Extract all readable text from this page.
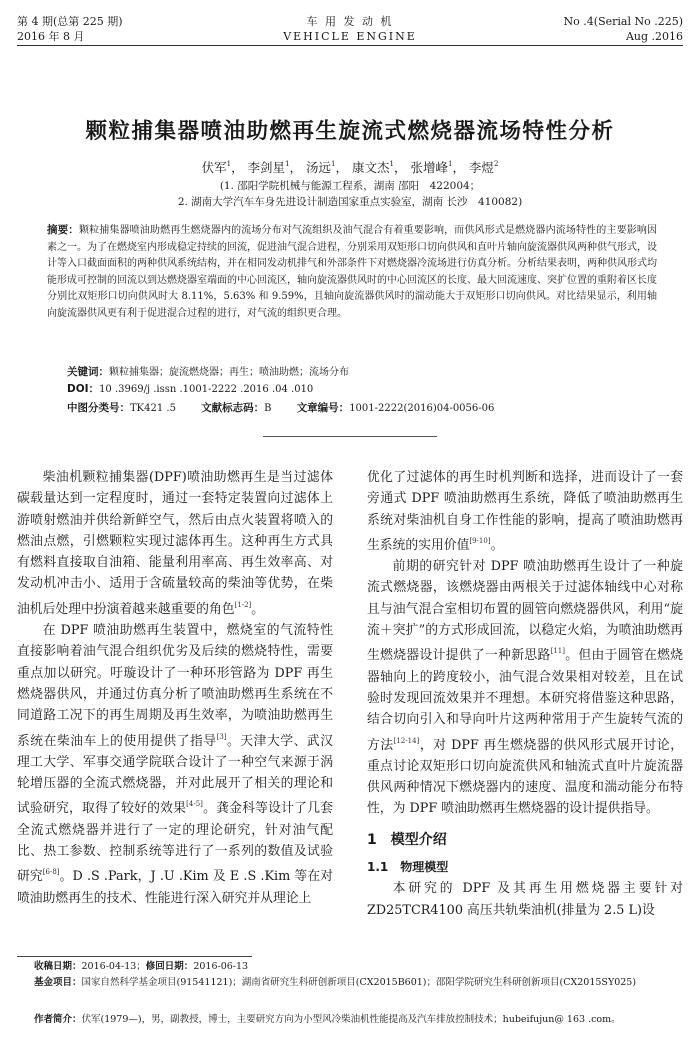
第 4 期(总第 225 期)
2016 年 8 月
车 用 发 动 机
VEHICLE ENGINE
No .4(Serial No .225)
Aug .2016
颗粒捕集器喷油助燃再生旋流式燃烧器流场特性分析
伏军$^1$， 李剑星$^1$， 汤远$^1$， 康文杰$^1$， 张增峰$^1$， 李煜$^2$
(1. 邵阳学院机械与能源工程系，湖南 邵阳　422004；
2. 湖南大学汽车车身先进设计制造国家重点实验室，湖南 长沙　410082)
摘要：颗粒捕集器喷油助燃再生燃烧器内的流场分布对气流组织及油气混合有着重要影响，而供风形式是燃烧器内流场特性的主要影响因素之一。为了在燃烧室内形成稳定持续的回流，促进油气混合进程，分别采用双矩形口切向供风和直叶片轴向旋流器供风两种供气形式，设计等入口截面面积的两种供风系统结构，并在相同发动机排气和外部条件下对燃烧器冷流场进行仿真分析。分析结果表明，两种供风形式均能形成可控制的回流以到达燃烧器室端面的中心回流区，轴向旋流器供风时的中心回流区的长度、最大回流速度、突扩位置的重附着区长度分别比双矩形口切向供风时大 8.11%，5.63% 和 9.59%，且轴向旋流器供风时的湍动能大于双矩形口切向供风。对比结果显示，利用轴向旋流器供风更有利于促进混合过程的进行，对气流的组织更合理。
关键词：颗粒捕集器；旋流燃烧器；再生；喷油助燃；流场分布
DOI：10 .3969/j .issn .1001-2222 .2016 .04 .010
中图分类号：TK421 .5 文献标志码：B 文章编号：1001-2222(2016)04-0056-06

柴油机颗粒捕集器(DPF)喷油助燃再生是当过滤体碳载量达到一定程度时，通过一套特定装置向过滤体上游喷射燃油并供给新鲜空气，然后由点火装置将喷入的燃油点燃，引燃颗粒实现过滤体再生。这种再生方式具有燃料直接取自油箱、能量利用率高、再生效率高、对发动机冲击小、适用于含硫量较高的柴油等优势，在柴油机后处理中扮演着越来越重要的角色[1-2]。

在 DPF 喷油助燃再生装置中，燃烧室的气流特性直接影响着油气混合组织优劣及后续的燃烧特性，需要重点加以研究。吁璇设计了一种环形管路为 DPF 再生燃烧器供风，并通过仿真分析了喷油助燃再生系统在不同道路工况下的再生周期及再生效率，为喷油助燃再生系统在柴油车上的使用提供了指导[3]。天津大学、武汉理工大学、军事交通学院联合设计了一种空气来源于涡轮增压器的全流式燃烧器，并对此展开了相关的理论和试验研究，取得了较好的效果[4-5]。龚金科等设计了几套全流式燃烧器并进行了一定的理论研究，针对油气配比、热工参数、控制系统等进行了一系列的数值及试验研究[6-8]。D .S .Park，J .U .Kim 及 E .S .Kim 等在对喷油助燃再生的技术、性能进行深入研究并从理论上

优化了过滤体的再生时机判断和选择，进而设计了一套旁通式 DPF 喷油助燃再生系统，降低了喷油助燃再生系统对柴油机自身工作性能的影响，提高了喷油助燃再生系统的实用价值[9-10]。

前期的研究针对 DPF 喷油助燃再生设计了一种旋流式燃烧器，该燃烧器由两根关于过滤体轴线中心对称且与油气混合室相切布置的圆管向燃烧器供风，利用“旋流＋突扩”的方式形成回流，以稳定火焰，为喷油助燃再生燃烧器设计提供了一种新思路[11]。但由于圆管在燃烧器轴向上的跨度较小，油气混合效果相对较差，且在试验时发现回流效果并不理想。本研究将借鉴这种思路，结合切向引入和导向叶片这两种常用于产生旋转气流的方法[12-14]，对 DPF 再生燃烧器的供风形式展开讨论，重点讨论双矩形口切向旋流供风和轴流式直叶片旋流器供风两种情况下燃烧器内的速度、温度和湍动能分布特性，为 DPF 喷油助燃再生燃烧器的设计提供指导。

1　模型介绍
1.1　物理模型

本研究的 DPF 及其再生用燃烧器主要针对 ZD25TCR4100 高压共轨柴油机(排量为 2.5 L)设

收稿日期：2016-04-13；修回日期：2016-06-13
基金项目：国家自然科学基金项目(91541121)；湖南省研究生科研创新项目(CX2015B601)；邵阳学院研究生科研创新项目(CX2015SY025)
作者简介：伏军(1979—)，男，副教授，博士，主要研究方向为小型风冷柴油机性能提高及汽车排放控制技术；hubeifujun@ 163 .com。
